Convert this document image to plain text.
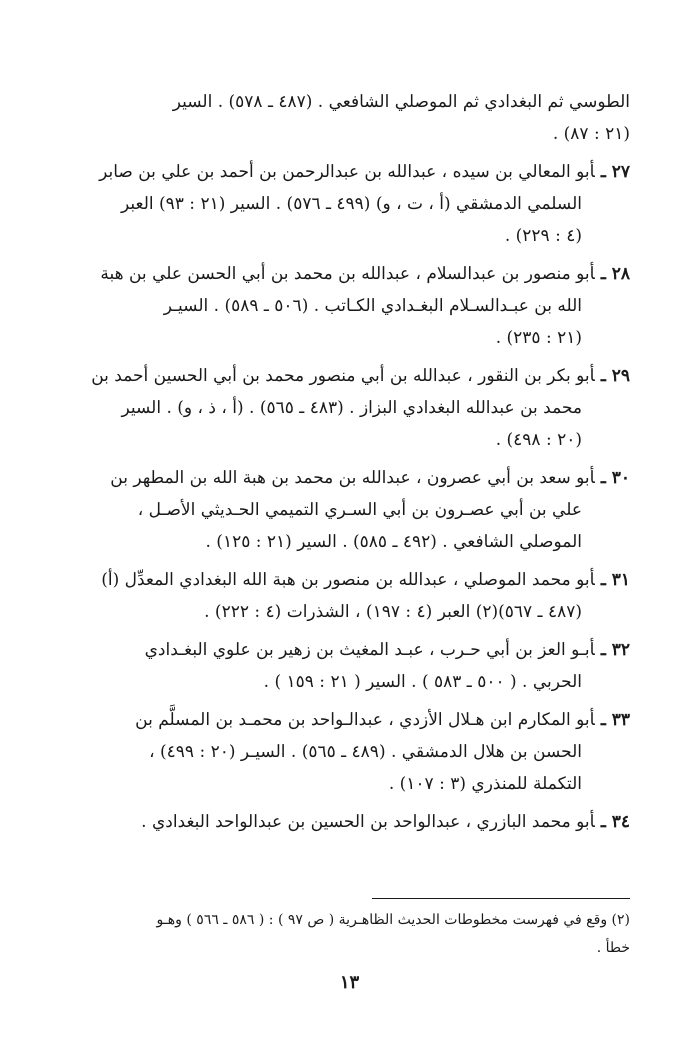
الطوسي ثم البغدادي ثم الموصلي الشافعي . (٤٨٧ ـ ٥٧٨) . السير
(٢١ : ٨٧) .
٢٧ ـأبو المعالي بن سيده ، عبدالله بن عبدالرحمن بن أحمد بن علي بن صابر
السلمي الدمشقي (أ ، ت ، و) (٤٩٩ ـ ٥٧٦) . السير (٢١ : ٩٣) العبر
(٤ : ٢٢٩) .
٢٨ ـأبو منصور بن عبدالسلام ، عبدالله بن محمد بن أبي الحسن علي بن هبة
الله بن عبـدالسـلام البغـدادي الكـاتب . (٥٠٦ ـ ٥٨٩) . السيـر
(٢١ : ٢٣٥) .
٢٩ ـأبو بكر بن النقور ، عبدالله بن أبي منصور محمد بن أبي الحسين أحمد بن
محمد بن عبدالله البغدادي البزاز . (٤٨٣ ـ ٥٦٥) . (أ ، ذ ، و) . السير
(٢٠ : ٤٩٨) .
٣٠ ـأبو سعد بن أبي عصرون ، عبدالله بن محمد بن هبة الله بن المطهر بن
علي بن أبي عصـرون بن أبي السـري التميمي الحـديثي الأصـل ،
الموصلي الشافعي . (٤٩٢ ـ ٥٨٥) . السير (٢١ : ١٢٥) .
٣١ ـأبو محمد الموصلي ، عبدالله بن منصور بن هبة الله البغدادي المعدِّل (أ)
(٤٨٧ ـ ٥٦٧)(٢) العبر (٤ : ١٩٧) ، الشذرات (٤ : ٢٢٢) .
٣٢ ـأبـو العز بن أبي حـرب ، عبـد المغيث بن زهير بن علوي البغـدادي
الحربي . ( ٥٠٠ ـ ٥٨٣ ) . السير ( ٢١ : ١٥٩ ) .
٣٣ ـأبو المكارم ابن هـلال الأزدي ، عبدالـواحد بن محمـد بن المسلَّم بن
الحسن بن هلال الدمشقي . (٤٨٩ ـ ٥٦٥) . السيـر (٢٠ : ٤٩٩) ،
التكملة للمنذري (٣ : ١٠٧) .
٣٤ ـأبو محمد البازري ، عبدالواحد بن الحسين بن عبدالواحد البغدادي .
(٢) وقع في فهرست مخطوطات الحديث الظاهـرية ( ص ٩٧ ) : ( ٥٨٦ ـ ٥٦٦ ) وهـو
خطأ .
١٣
